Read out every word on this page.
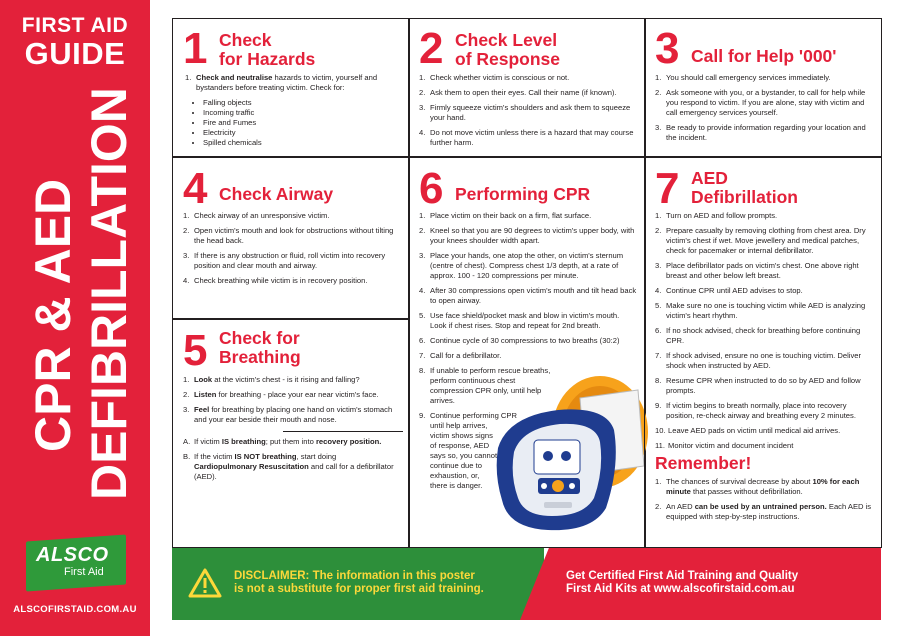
FIRST AID
GUIDE
CPR & AED DEFIBRILLATION
ALSCO
First Aid
ALSCOFIRSTAID.COM.AU
1 Check
for Hazards
1. Check and neutralise hazards to victim, yourself and bystanders before treating victim. Check for:
• Falling objects
• Incoming traffic
• Fire and Fumes
• Electricity
• Spilled chemicals
2 Check Level
of Response
1. Check whether victim is conscious or not.
2. Ask them to open their eyes. Call their name (if known).
3. Firmly squeeze victim's shoulders and ask them to squeeze your hand.
4. Do not move victim unless there is a hazard that may course further harm.
3 Call for Help '000'
1. You should call emergency services immediately.
2. Ask someone with you, or a bystander, to call for help while you respond to victim. If you are alone, stay with victim and call emergency services yourself.
3. Be ready to provide information regarding your location and the incident.
4 Check Airway
1. Check airway of an unresponsive victim.
2. Open victim's mouth and look for obstructions without tilting the head back.
3. If there is any obstruction or fluid, roll victim into recovery position and clear mouth and airway.
4. Check breathing while victim is in recovery position.
5 Check for
Breathing
1. Look at the victim's chest - is it rising and falling?
2. Listen for breathing - place your ear near victim's face.
3. Feel for breathing by placing one hand on victim's stomach and your ear beside their mouth and nose.
A. If victim IS breathing; put them into recovery position.
B. If the victim IS NOT breathing, start doing Cardiopulmonary Resuscitation and call for a defibrillator (AED).
6 Performing CPR
1. Place victim on their back on a firm, flat surface.
2. Kneel so that you are 90 degrees to victim's upper body, with your knees shoulder width apart.
3. Place your hands, one atop the other, on victim's sternum (centre of chest). Compress chest 1/3 depth, at a rate of approx. 100 - 120 compressions per minute.
4. After 30 compressions open victim's mouth and tilt head back to open airway.
5. Use face shield/pocket mask and blow in victim's mouth. Look if chest rises. Stop and repeat for 2nd breath.
6. Continue cycle of 30 compressions to two breaths (30:2)
7. Call for a defibrillator.
8. If unable to perform rescue breaths, perform continuous chest compression CPR only, until help arrives.
9. Continue performing CPR
until help arrives,
victim shows signs
of response, AED
says so, you cannot
continue due to
exhaustion, or,
there is danger.
7 AED
Defibrillation
1. Turn on AED and follow prompts.
2. Prepare casualty by removing clothing from chest area. Dry victim's chest if wet. Move jewellery and medical patches, check for pacemaker or internal defibrillator.
3. Place defibrillator pads on victim's chest. One above right breast and other below left breast.
4. Continue CPR until AED advises to stop.
5. Make sure no one is touching victim while AED is analyzing victim's heart rhythm.
6. If no shock advised, check for breathing before continuing CPR.
7. If shock advised, ensure no one is touching victim. Deliver shock when instructed by AED.
8. Resume CPR when instructed to do so by AED and follow prompts.
9. If victim begins to breath normally, place into recovery position, re-check airway and breathing every 2 minutes.
10. Leave AED pads on victim until medical aid arrives.
11. Monitor victim and document incident
Remember!
1. The chances of survival decrease by about 10% for each minute that passes without defibrillation.
2. An AED can be used by an untrained person. Each AED is equipped with step-by-step instructions.
DISCLAIMER: The information in this poster
is not a substitute for proper first aid training.
Get Certified First Aid Training and Quality
First Aid Kits at www.alscofirstaid.com.au
